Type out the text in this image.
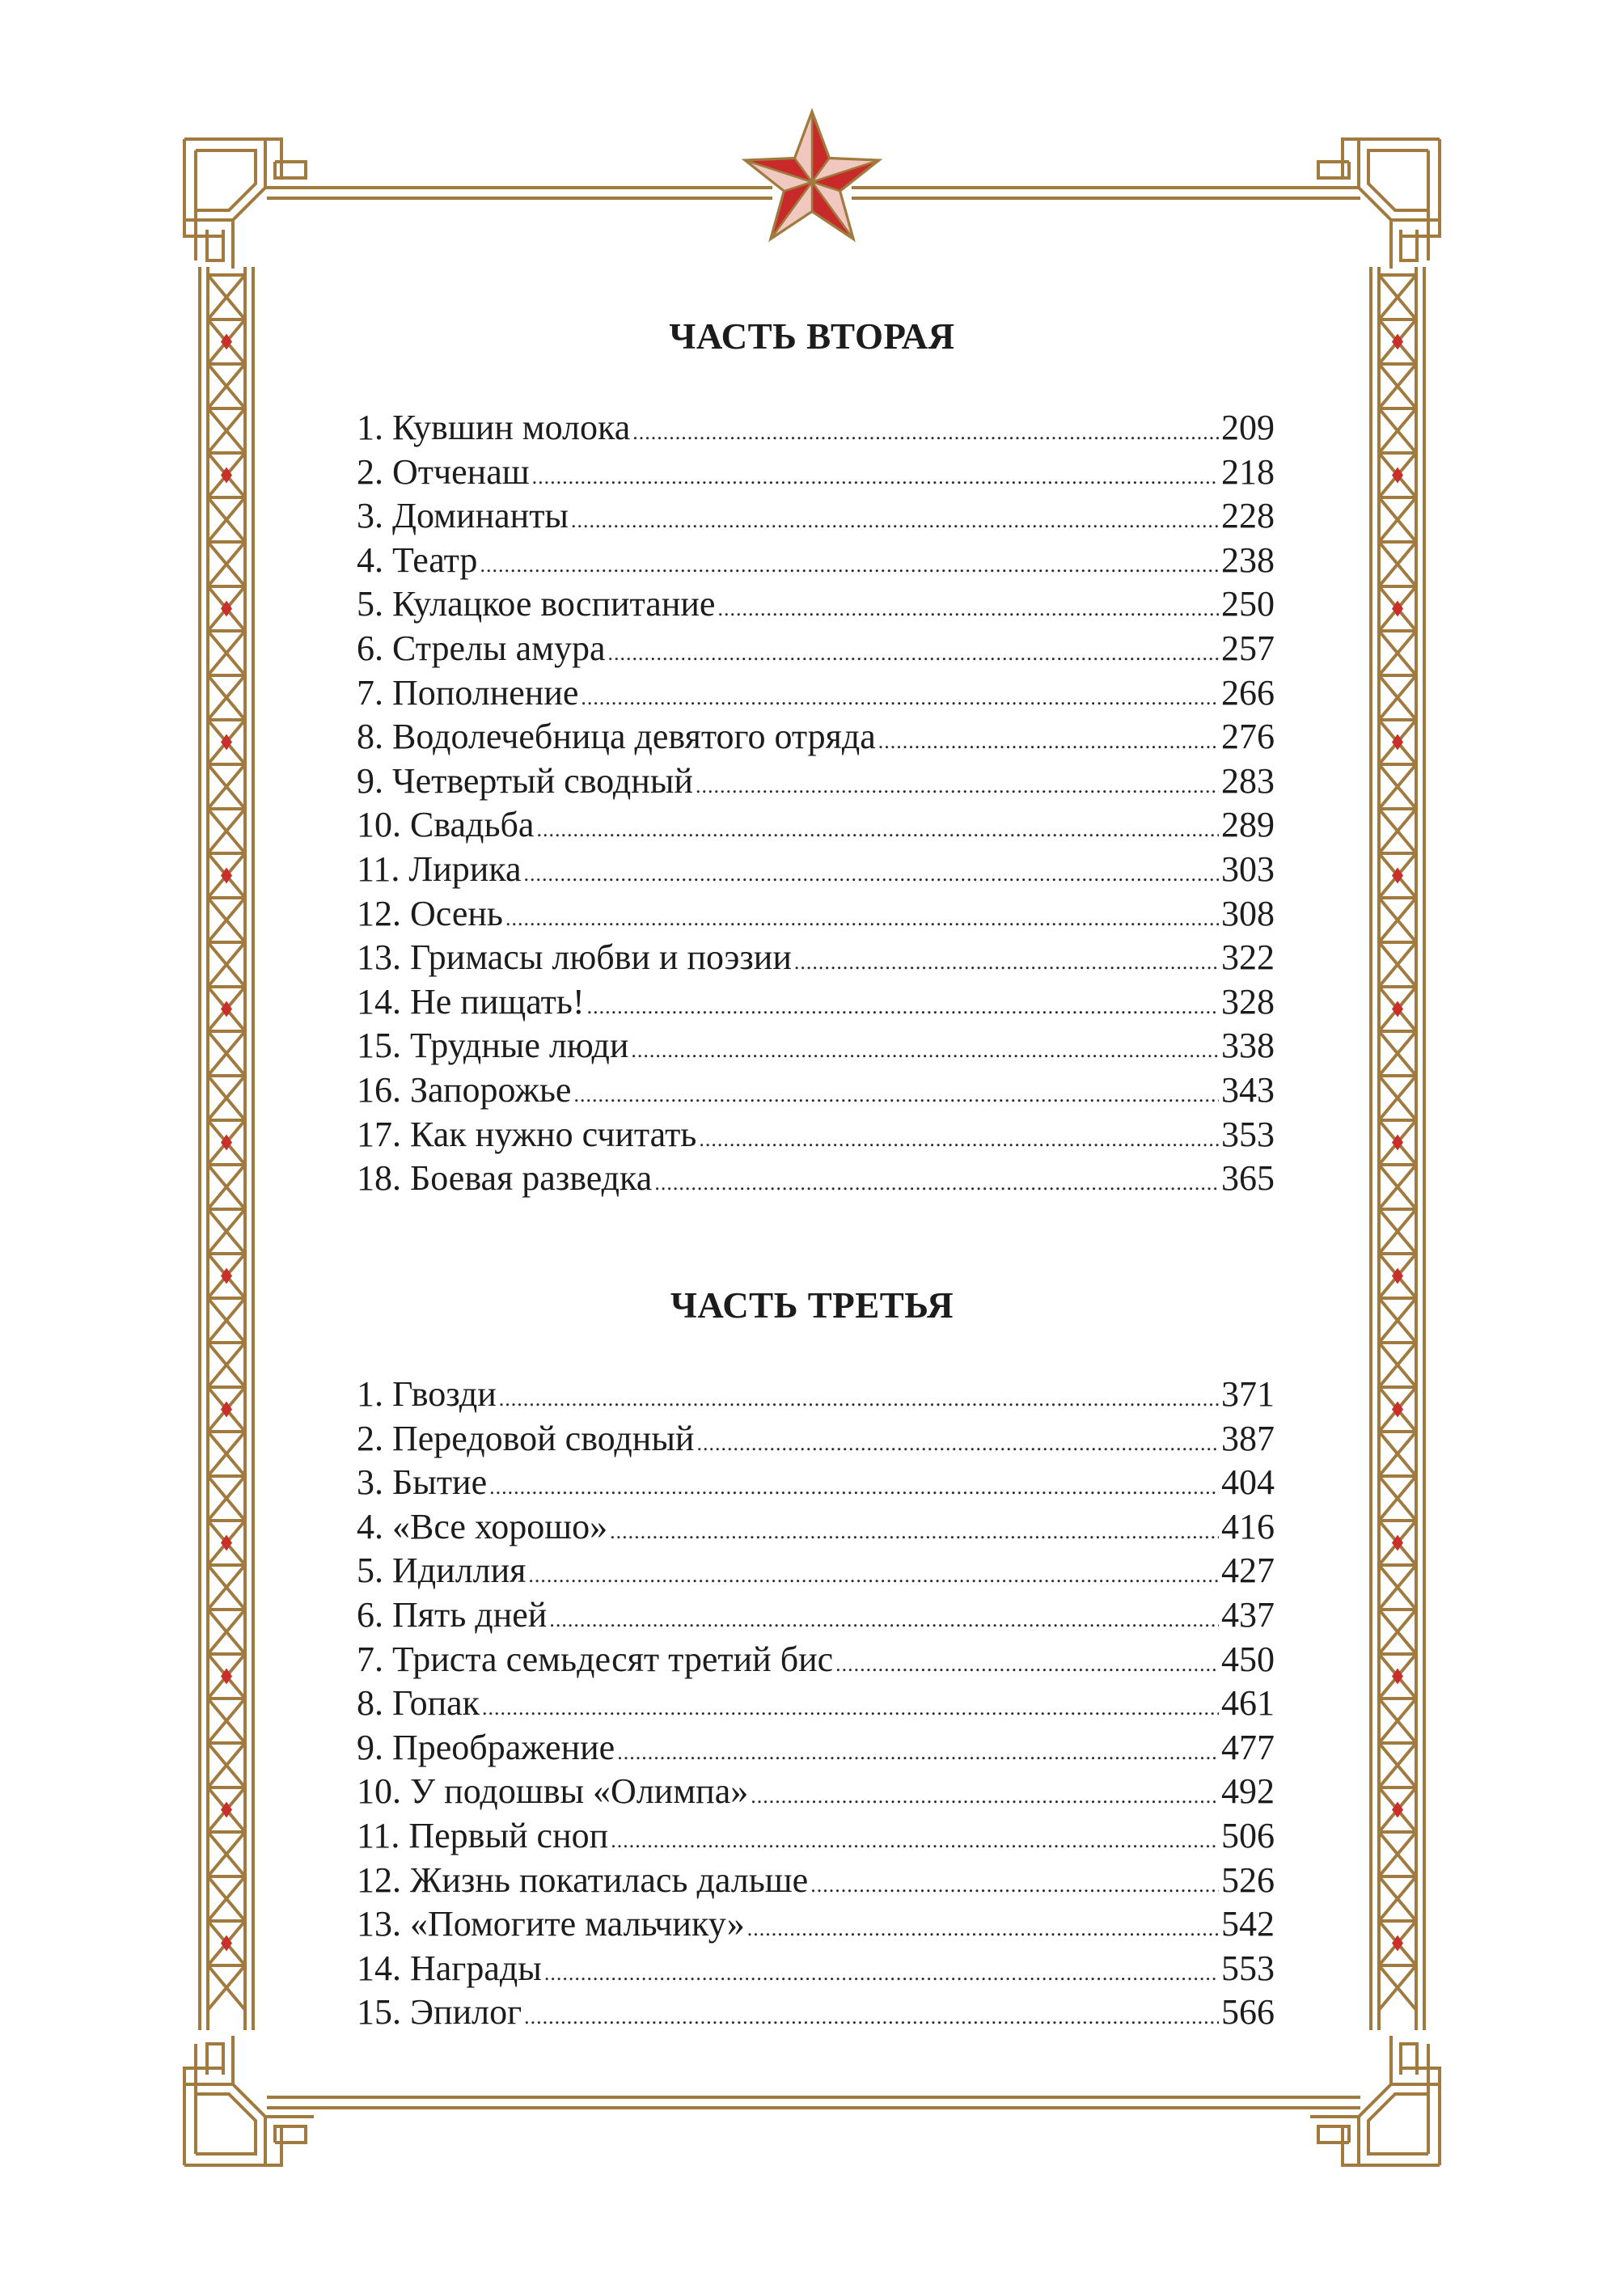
ЧАСТЬ ВТОРАЯ
1. Кувшин молока .....	209
2. Отченаш .....	218
3. Доминанты .....	228
4. Театр .....	238
5. Кулацкое воспитание .....	250
6. Стрелы амура .....	257
7. Пополнение .....	266
8. Водолечебница девятого отряда .....	276
9. Четвертый сводный .....	283
10. Свадьба .....	289
11. Лирика .....	303
12. Осень .....	308
13. Гримасы любви и поэзии .....	322
14. Не пищать! .....	328
15. Трудные люди .....	338
16. Запорожье .....	343
17. Как нужно считать .....	353
18. Боевая разведка .....	365
ЧАСТЬ ТРЕТЬЯ
1. Гвозди .....	371
2. Передовой сводный .....	387
3. Бытие .....	404
4. «Все хорошо» .....	416
5. Идиллия .....	427
6. Пять дней .....	437
7. Триста семьдесят третий бис .....	450
8. Гопак .....	461
9. Преображение .....	477
10. У подошвы «Олимпа» .....	492
11. Первый сноп .....	506
12. Жизнь покатилась дальше .....	526
13. «Помогите мальчику» .....	542
14. Награды .....	553
15. Эпилог .....	566
